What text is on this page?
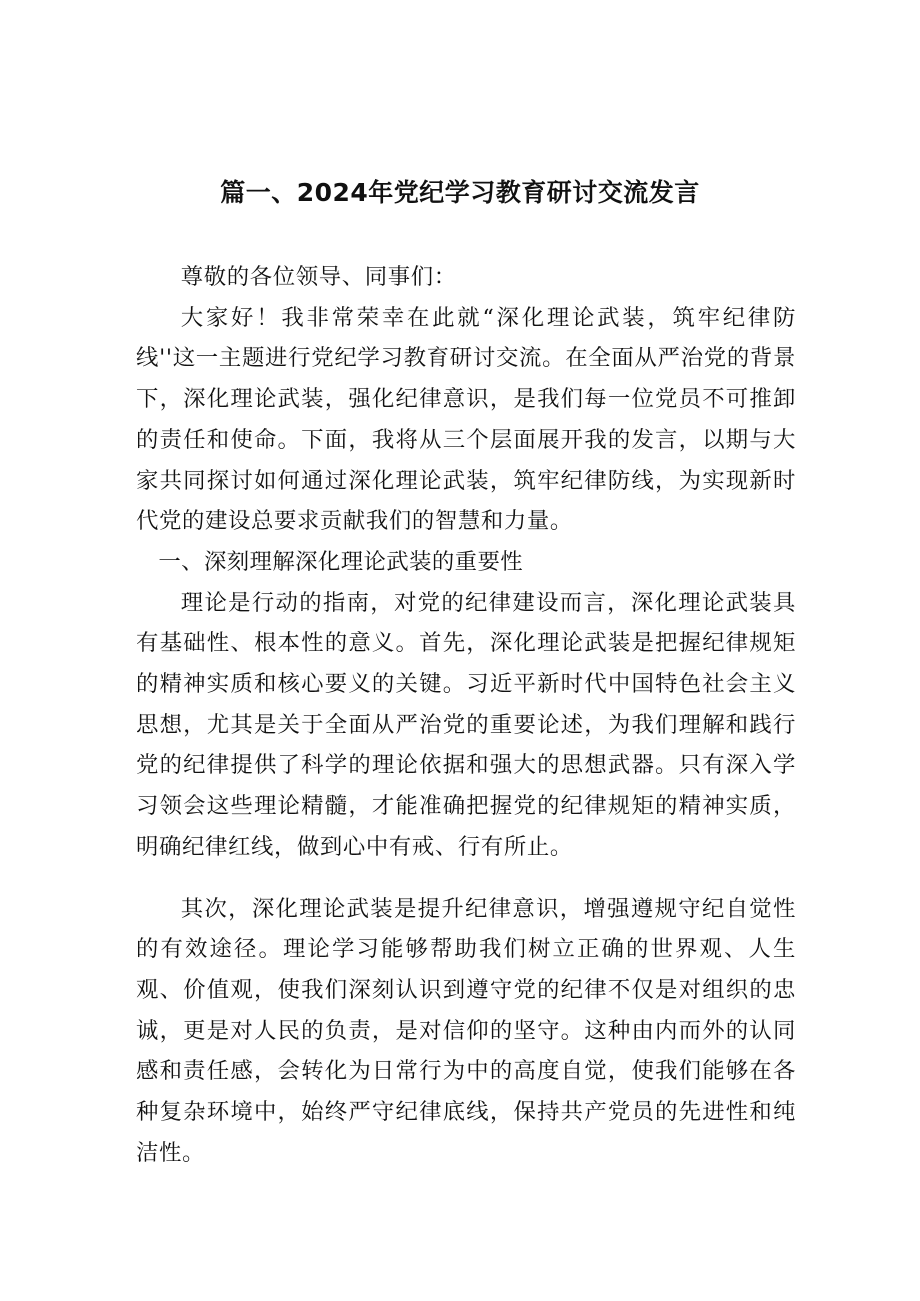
篇一、2024年党纪学习教育研讨交流发言

尊敬的各位领导、同事们：

大家好！我非常荣幸在此就“深化理论武装，筑牢纪律防线''这一主题进行党纪学习教育研讨交流。在全面从严治党的背景下，深化理论武装，强化纪律意识，是我们每一位党员不可推卸的责任和使命。下面，我将从三个层面展开我的发言，以期与大家共同探讨如何通过深化理论武装，筑牢纪律防线，为实现新时代党的建设总要求贡献我们的智慧和力量。

一、深刻理解深化理论武装的重要性

理论是行动的指南，对党的纪律建设而言，深化理论武装具有基础性、根本性的意义。首先，深化理论武装是把握纪律规矩的精神实质和核心要义的关键。习近平新时代中国特色社会主义思想，尤其是关于全面从严治党的重要论述，为我们理解和践行党的纪律提供了科学的理论依据和强大的思想武器。只有深入学习领会这些理论精髓，才能准确把握党的纪律规矩的精神实质，明确纪律红线，做到心中有戒、行有所止。

其次，深化理论武装是提升纪律意识，增强遵规守纪自觉性的有效途径。理论学习能够帮助我们树立正确的世界观、人生观、价值观，使我们深刻认识到遵守党的纪律不仅是对组织的忠诚，更是对人民的负责，是对信仰的坚守。这种由内而外的认同感和责任感，会转化为日常行为中的高度自觉，使我们能够在各种复杂环境中，始终严守纪律底线，保持共产党员的先进性和纯洁性。
